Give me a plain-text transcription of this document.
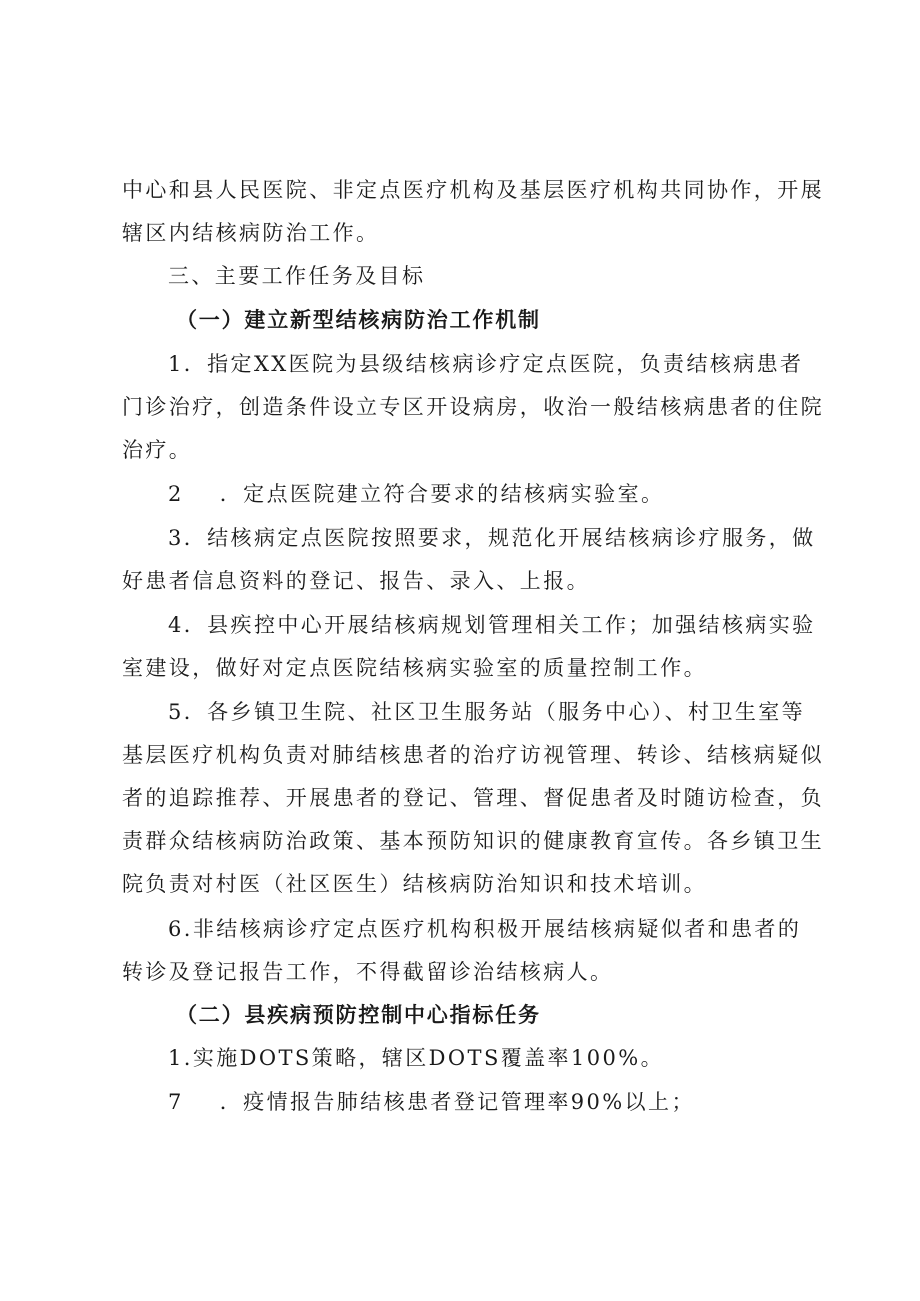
中心和县人民医院、非定点医疗机构及基层医疗机构共同协作，开展
辖区内结核病防治工作。
三、主要工作任务及目标
（一）建立新型结核病防治工作机制
1．指定XX医院为县级结核病诊疗定点医院，负责结核病患者
门诊治疗，创造条件设立专区开设病房，收治一般结核病患者的住院
治疗。
2 ．定点医院建立符合要求的结核病实验室。
3．结核病定点医院按照要求，规范化开展结核病诊疗服务，做
好患者信息资料的登记、报告、录入、上报。
4．县疾控中心开展结核病规划管理相关工作；加强结核病实验
室建设，做好对定点医院结核病实验室的质量控制工作。
5．各乡镇卫生院、社区卫生服务站（服务中心）、村卫生室等
基层医疗机构负责对肺结核患者的治疗访视管理、转诊、结核病疑似
者的追踪推荐、开展患者的登记、管理、督促患者及时随访检查，负
责群众结核病防治政策、基本预防知识的健康教育宣传。各乡镇卫生
院负责对村医（社区医生）结核病防治知识和技术培训。
6.非结核病诊疗定点医疗机构积极开展结核病疑似者和患者的
转诊及登记报告工作，不得截留诊治结核病人。
（二）县疾病预防控制中心指标任务
1.实施DOTS策略，辖区DOTS覆盖率100%。
7 ．疫情报告肺结核患者登记管理率90%以上；
